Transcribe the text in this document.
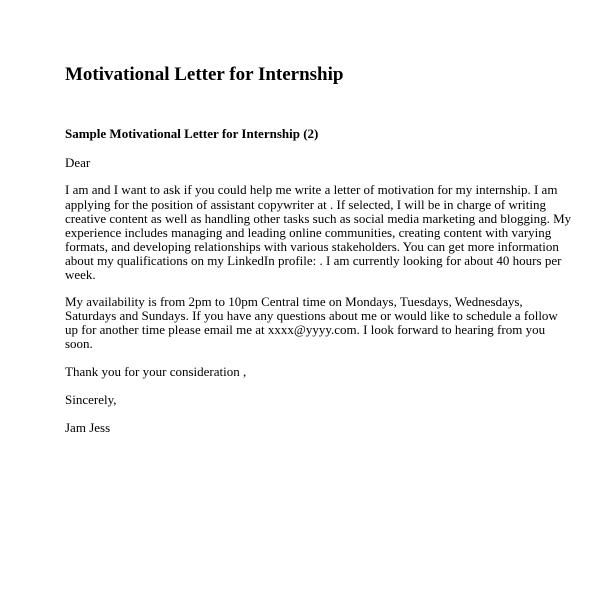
Motivational Letter for Internship
Sample Motivational Letter for Internship (2)

Dear

I am and I want to ask if you could help me write a letter of motivation for my internship. I am

applying for the position of assistant copywriter at . If selected, I will be in charge of writing

creative content as well as handling other tasks such as social media marketing and blogging. My

experience includes managing and leading online communities, creating content with varying

formats, and developing relationships with various stakeholders. You can get more information

about my qualifications on my LinkedIn profile: . I am currently looking for about 40 hours per

week.

My availability is from 2pm to 10pm Central time on Mondays, Tuesdays, Wednesdays,

Saturdays and Sundays. If you have any questions about me or would like to schedule a follow

up for another time please email me at xxxx@yyyy.com. I look forward to hearing from you

soon.

Thank you for your consideration ,

Sincerely,

Jam Jess
